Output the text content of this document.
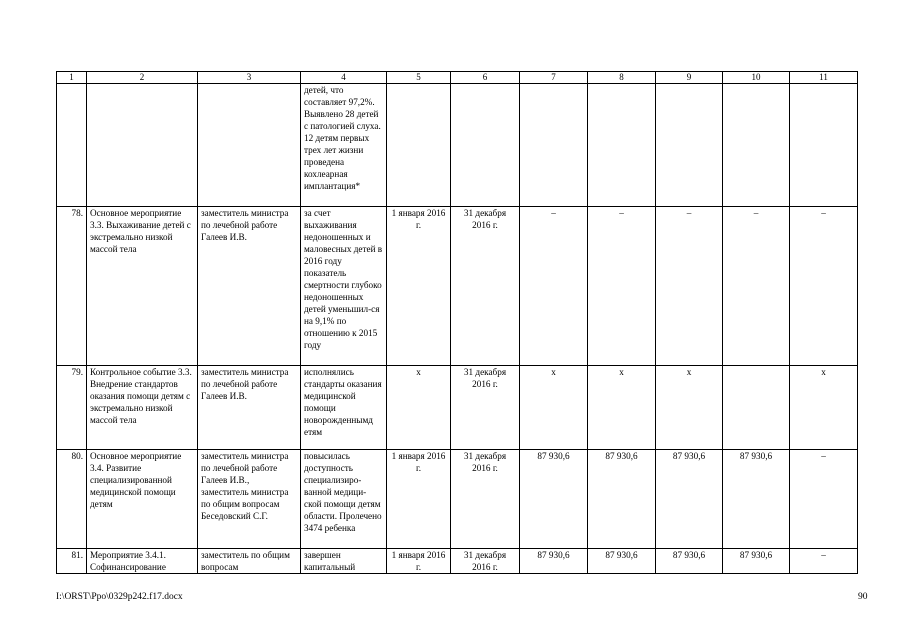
1	2	3	4	5	6	7	8	9	10	11
			детей, что составляет 97,2%. Выявлено 28 детей с патологией слуха. 12 детям первых трех лет жизни проведена кохлеарная имплантация*							
78.	Основное мероприятие 3.3. Выхаживание детей с экстремально низкой массой тела	заместитель министра по лечебной работе Галеев И.В.	за счет выхаживания недоношенных и маловесных детей в 2016 году показатель смертности глубоко недоношенных детей уменьшил-ся на 9,1% по отношению к 2015 году	1 января 2016 г.	31 декабря 2016 г.	–	–	–	–	–
79.	Контрольное событие 3.3. Внедрение стандартов оказания помощи детям с экстремально низкой массой тела	заместитель министра по лечебной работе Галеев И.В.	исполнялись стандарты оказания медицинской помощи новорожденнымд етям	х	31 декабря 2016 г.	х	х	х		х
80.	Основное мероприятие 3.4. Развитие специализированной медицинской помощи детям	заместитель министра по лечебной работе Галеев И.В., заместитель министра по общим вопросам Беседовский С.Г.	повысилась доступность специализиро-ванной медици-ской помощи детям области. Пролечено 3474 ребенка	1 января 2016 г.	31 декабря 2016 г.	87 930,6	87 930,6	87 930,6	87 930,6	–
81.	Мероприятие 3.4.1. Софинансирование	заместитель по общим вопросам	завершен капитальный	1 января 2016 г.	31 декабря 2016 г.	87 930,6	87 930,6	87 930,6	87 930,6	–
I:\ORST\Ppo\0329p242.f17.docx	90
